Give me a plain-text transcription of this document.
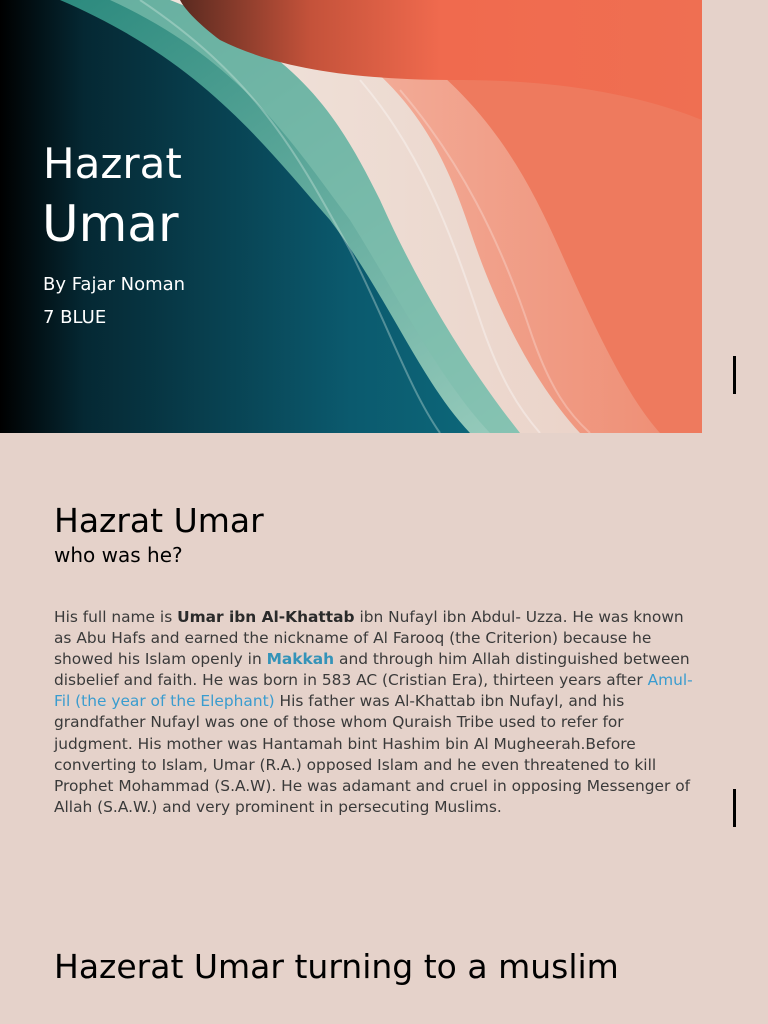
Hazrat
Umar
By Fajar Noman
7 BLUE
Hazrat Umar
who was he?
His full name is Umar ibn Al-Khattab ibn Nufayl ibn Abdul- Uzza. He was known as Abu Hafs and earned the nickname of Al Farooq (the Criterion) because he showed his Islam openly in Makkah and through him Allah distinguished between disbelief and faith. He was born in 583 AC (Cristian Era), thirteen years after Amul-Fil (the year of the Elephant) His father was Al-Khattab ibn Nufayl, and his grandfather Nufayl was one of those whom Quraish Tribe used to refer for judgment. His mother was Hantamah bint Hashim bin Al Mugheerah.Before converting to Islam, Umar (R.A.) opposed Islam and he even threatened to kill Prophet Mohammad (S.A.W). He was adamant and cruel in opposing Messenger of Allah (S.A.W.) and very prominent in persecuting Muslims.
Hazerat Umar turning to a muslim
